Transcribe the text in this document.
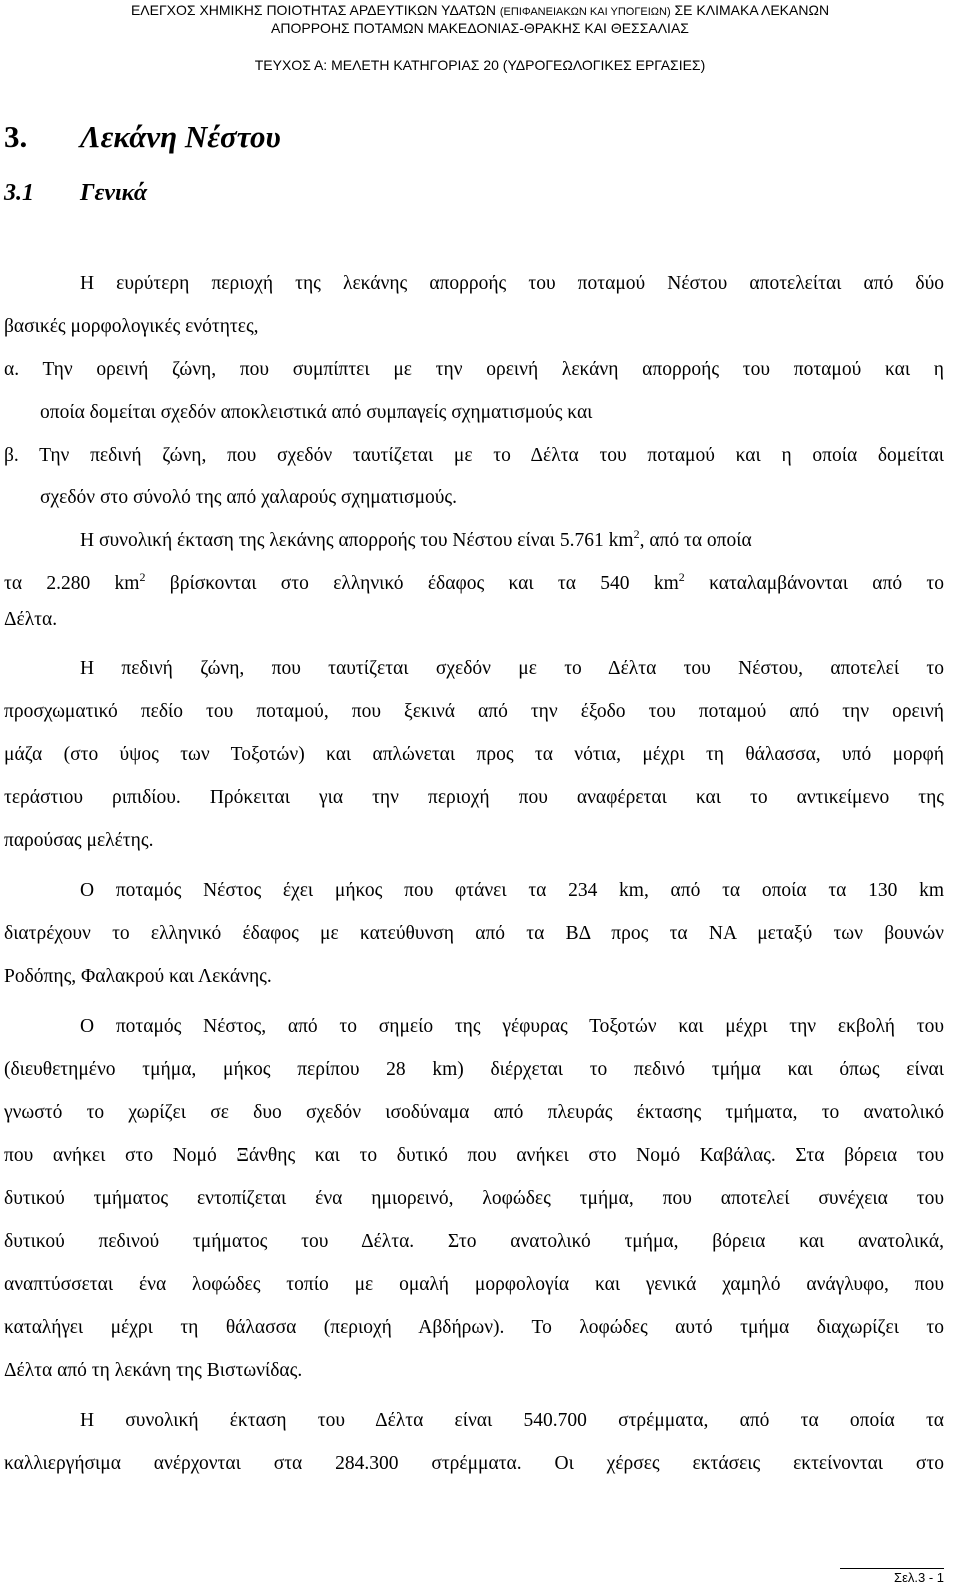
ΕΛΕΓΧΟΣ ΧΗΜΙΚΗΣ ΠΟΙΟΤΗΤΑΣ ΑΡΔΕΥΤΙΚΩΝ ΥΔΑΤΩΝ (ΕΠΙΦΑΝΕΙΑΚΩΝ ΚΑΙ ΥΠΟΓΕΙΩΝ) ΣΕ ΚΛΙΜΑΚΑ ΛΕΚΑΝΩΝ
ΑΠΟΡΡΟΗΣ ΠΟΤΑΜΩΝ ΜΑΚΕΔΟΝΙΑΣ-ΘΡΑΚΗΣ ΚΑΙ ΘΕΣΣΑΛΙΑΣ
ΤΕΥΧΟΣ Α: ΜΕΛΕΤΗ ΚΑΤΗΓΟΡΙΑΣ 20 (ΥΔΡΟΓΕΩΛΟΓΙΚΕΣ ΕΡΓΑΣΙΕΣ)
3. Λεκάνη Νέστου
3.1 Γενικά
Η ευρύτερη περιοχή της λεκάνης απορροής του ποταμού Νέστου αποτελείται από δύο
βασικές μορφολογικές ενότητες,
α. Την ορεινή ζώνη, που συμπίπτει με την ορεινή λεκάνη απορροής του ποταμού και η
οποία δομείται σχεδόν αποκλειστικά από συμπαγείς σχηματισμούς και
β. Την πεδινή ζώνη, που σχεδόν ταυτίζεται με το Δέλτα του ποταμού και η οποία δομείται
σχεδόν στο σύνολό της από χαλαρούς σχηματισμούς.
Η συνολική έκταση της λεκάνης απορροής του Νέστου είναι 5.761 $km^2$, από τα οποία
τα 2.280 $km^2$ βρίσκονται στο ελληνικό έδαφος και τα 540 $km^2$ καταλαμβάνονται από το
Δέλτα.
Η πεδινή ζώνη, που ταυτίζεται σχεδόν με το Δέλτα του Νέστου, αποτελεί το
προσχωματικό πεδίο του ποταμού, που ξεκινά από την έξοδο του ποταμού από την ορεινή
μάζα (στο ύψος των Τοξοτών) και απλώνεται προς τα νότια, μέχρι τη θάλασσα, υπό μορφή
τεράστιου ριπιδίου. Πρόκειται για την περιοχή που αναφέρεται και το αντικείμενο της
παρούσας μελέτης.
Ο ποταμός Νέστος έχει μήκος που φτάνει τα 234 km, από τα οποία τα 130 km
διατρέχουν το ελληνικό έδαφος με κατεύθυνση από τα ΒΔ προς τα ΝΑ μεταξύ των βουνών
Ροδόπης, Φαλακρού και Λεκάνης.
Ο ποταμός Νέστος, από το σημείο της γέφυρας Τοξοτών και μέχρι την εκβολή του
(διευθετημένο τμήμα, μήκος περίπου 28 km) διέρχεται το πεδινό τμήμα και όπως είναι
γνωστό το χωρίζει σε δυο σχεδόν ισοδύναμα από πλευράς έκτασης τμήματα, το ανατολικό
που ανήκει στο Νομό Ξάνθης και το δυτικό που ανήκει στο Νομό Καβάλας. Στα βόρεια του
δυτικού τμήματος εντοπίζεται ένα ημιορεινό, λοφώδες τμήμα, που αποτελεί συνέχεια του
δυτικού πεδινού τμήματος του Δέλτα. Στο ανατολικό τμήμα, βόρεια και ανατολικά,
αναπτύσσεται ένα λοφώδες τοπίο με ομαλή μορφολογία και γενικά χαμηλό ανάγλυφο, που
καταλήγει μέχρι τη θάλασσα (περιοχή Αβδήρων). Το λοφώδες αυτό τμήμα διαχωρίζει το
Δέλτα από τη λεκάνη της Βιστωνίδας.
Η συνολική έκταση του Δέλτα είναι 540.700 στρέμματα, από τα οποία τα
καλλιεργήσιμα ανέρχονται στα 284.300 στρέμματα. Οι χέρσες εκτάσεις εκτείνονται στο
Σελ.3 - 1
